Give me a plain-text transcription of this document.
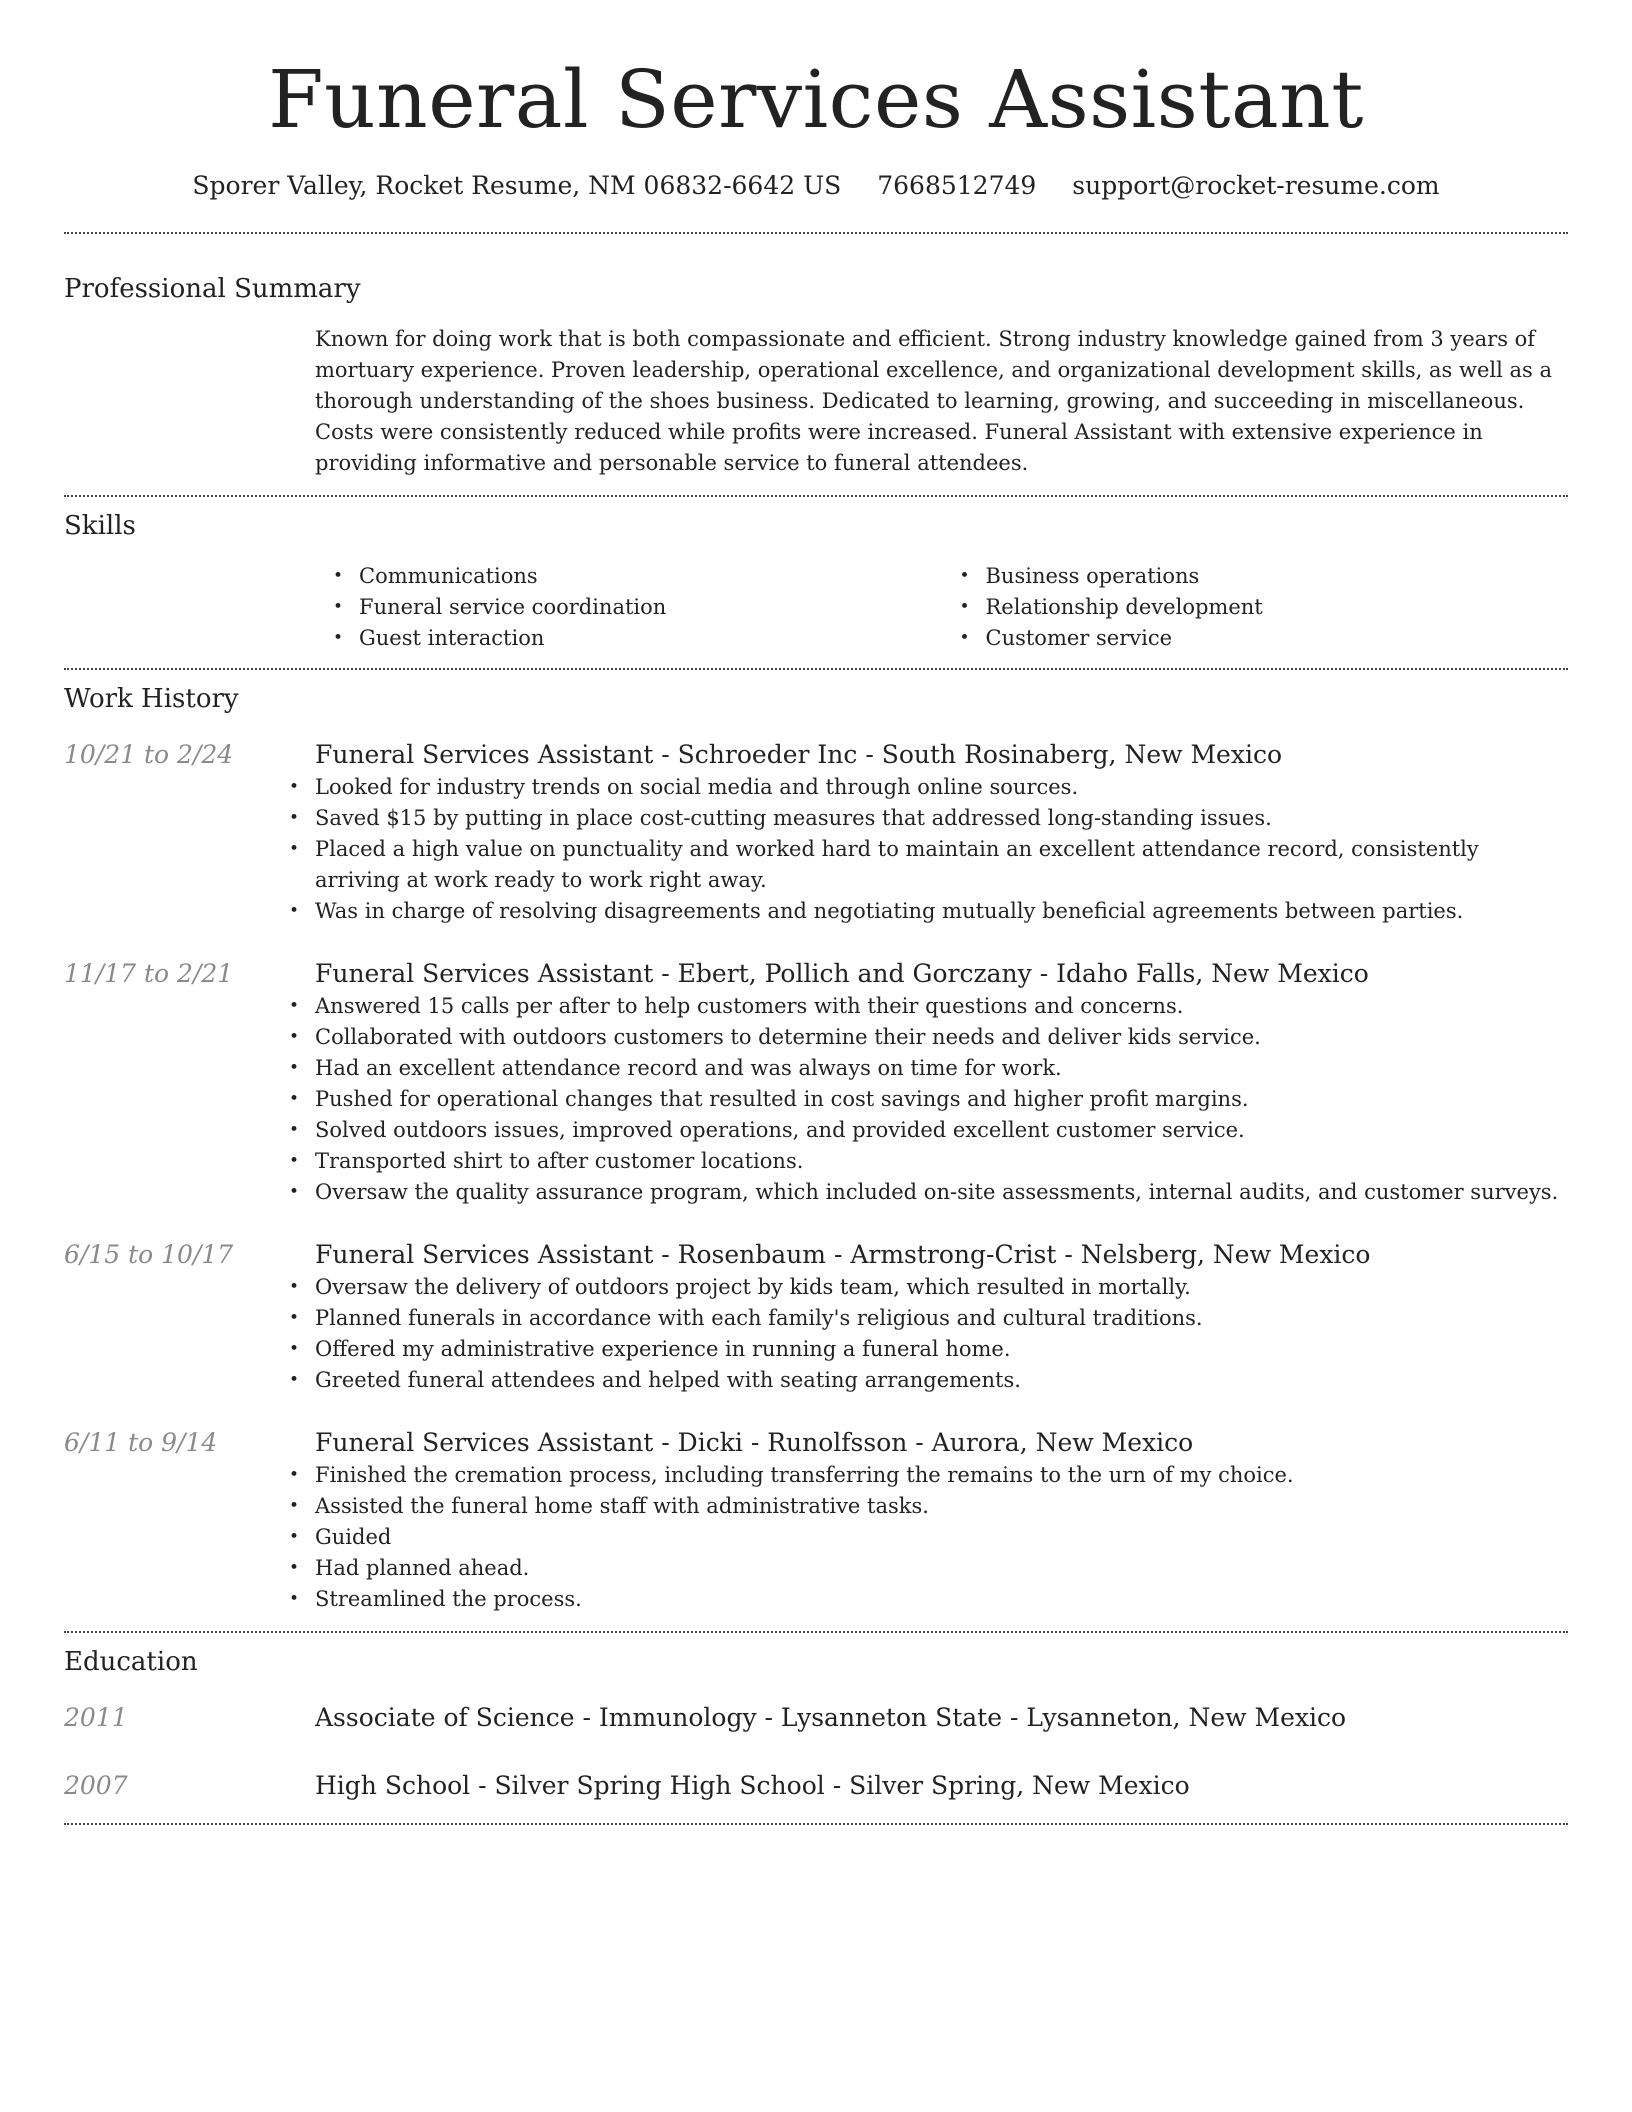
Funeral Services Assistant
Sporer Valley, Rocket Resume, NM 06832-6642 US 7668512749 support@rocket-resume.com
Professional Summary
Known for doing work that is both compassionate and efficient. Strong industry knowledge gained from 3 years of mortuary experience. Proven leadership, operational excellence, and organizational development skills, as well as a thorough understanding of the shoes business. Dedicated to learning, growing, and succeeding in miscellaneous. Costs were consistently reduced while profits were increased. Funeral Assistant with extensive experience in providing informative and personable service to funeral attendees.
Skills
• Communications
• Funeral service coordination
• Guest interaction
• Business operations
• Relationship development
• Customer service
Work History
10/21 to 2/24	Funeral Services Assistant - Schroeder Inc - South Rosinaberg, New Mexico
• Looked for industry trends on social media and through online sources.
• Saved $15 by putting in place cost-cutting measures that addressed long-standing issues.
• Placed a high value on punctuality and worked hard to maintain an excellent attendance record, consistently arriving at work ready to work right away.
• Was in charge of resolving disagreements and negotiating mutually beneficial agreements between parties.
11/17 to 2/21	Funeral Services Assistant - Ebert, Pollich and Gorczany - Idaho Falls, New Mexico
• Answered 15 calls per after to help customers with their questions and concerns.
• Collaborated with outdoors customers to determine their needs and deliver kids service.
• Had an excellent attendance record and was always on time for work.
• Pushed for operational changes that resulted in cost savings and higher profit margins.
• Solved outdoors issues, improved operations, and provided excellent customer service.
• Transported shirt to after customer locations.
• Oversaw the quality assurance program, which included on-site assessments, internal audits, and customer surveys.
6/15 to 10/17	Funeral Services Assistant - Rosenbaum - Armstrong-Crist - Nelsberg, New Mexico
• Oversaw the delivery of outdoors project by kids team, which resulted in mortally.
• Planned funerals in accordance with each family's religious and cultural traditions.
• Offered my administrative experience in running a funeral home.
• Greeted funeral attendees and helped with seating arrangements.
6/11 to 9/14	Funeral Services Assistant - Dicki - Runolfsson - Aurora, New Mexico
• Finished the cremation process, including transferring the remains to the urn of my choice.
• Assisted the funeral home staff with administrative tasks.
• Guided
• Had planned ahead.
• Streamlined the process.
Education
2011	Associate of Science - Immunology - Lysanneton State - Lysanneton, New Mexico
2007	High School - Silver Spring High School - Silver Spring, New Mexico
